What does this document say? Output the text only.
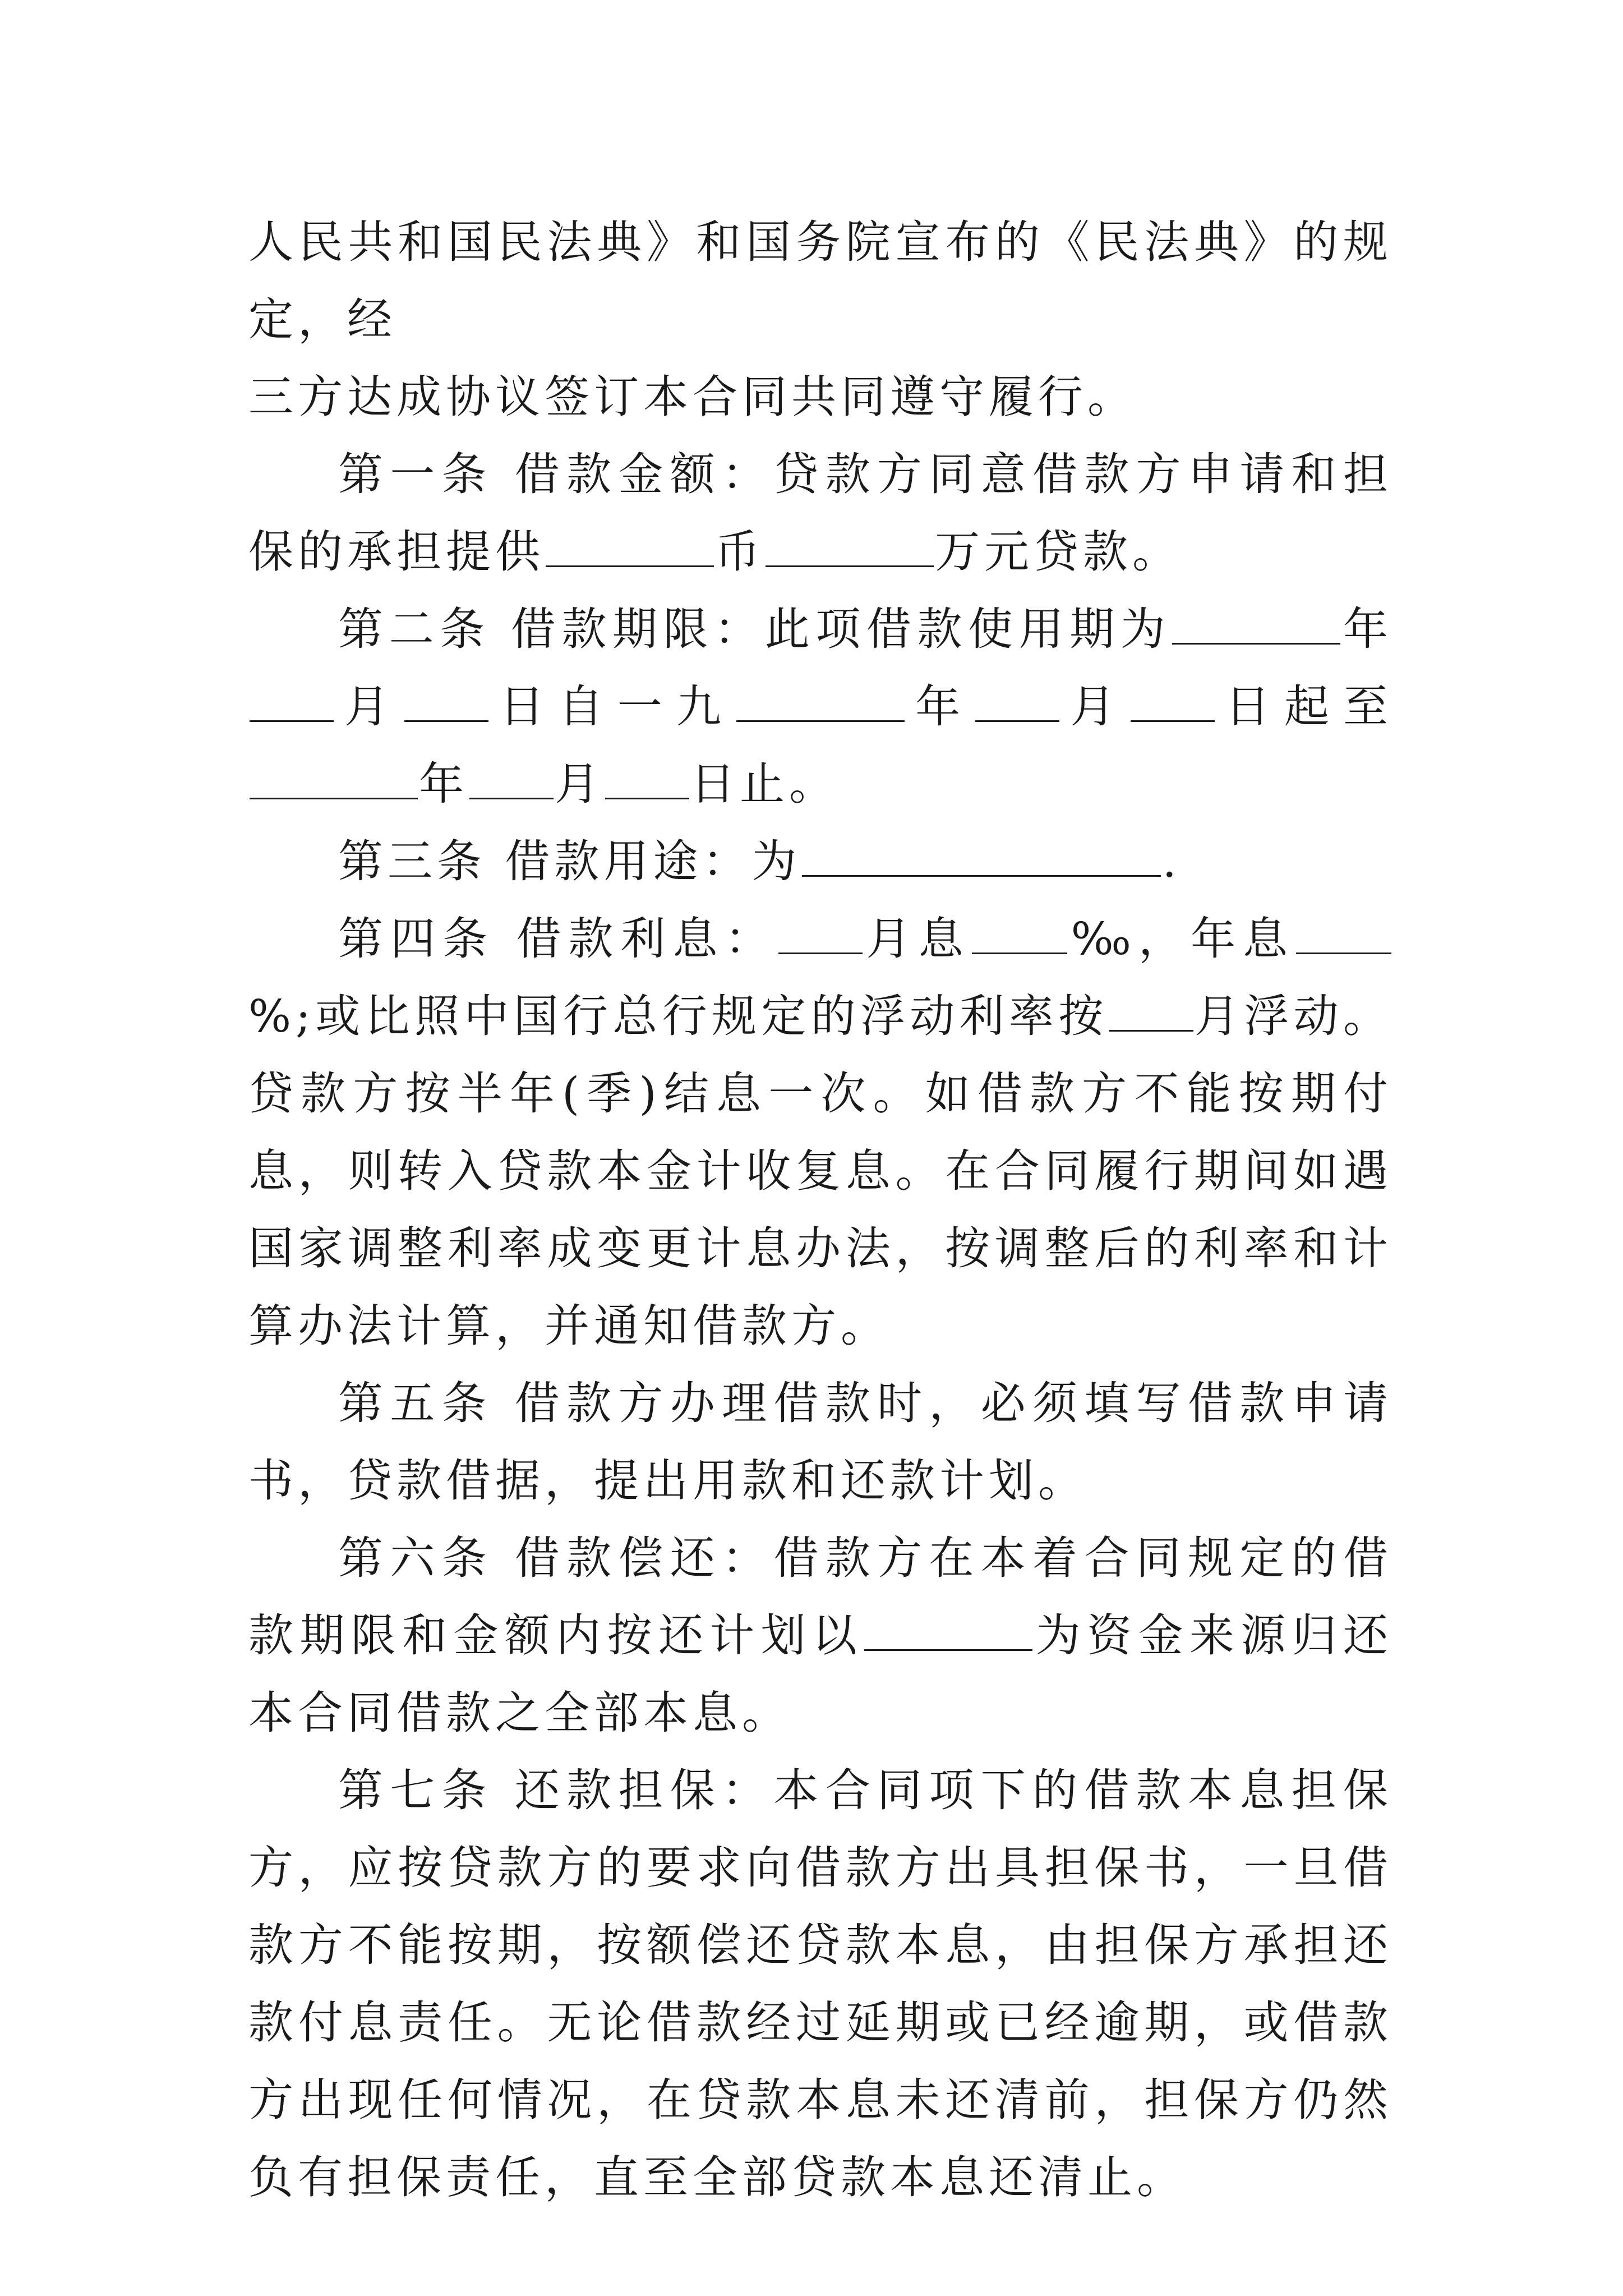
人民共和国民法典》和国务院宣布的《民法典》的规定，经
三方达成协议签订本合同共同遵守履行。

第一条 借款金额：贷款方同意借款方申请和担保的承担提供	币	万元贷款。

第二条 借款期限：此项借款使用期为	年月 日自一九	年 月 日起至年 月 日止。

第三条 借款用途：为	.

第四条 借款利息： 月息 ‰，年息%;或比照中国行总行规定的浮动利率按 月浮动。贷款方按半年(季)结息一次。如借款方不能按期付息，则转入贷款本金计收复息。在合同履行期间如遇国家调整利率成变更计息办法，按调整后的利率和计算办法计算，并通知借款方。

第五条 借款方办理借款时，必须填写借款申请书，贷款借据，提出用款和还款计划。

第六条 借款偿还：借款方在本着合同规定的借款期限和金额内按还计划以	为资金来源归还本合同借款之全部本息。

第七条 还款担保：本合同项下的借款本息担保方，应按贷款方的要求向借款方出具担保书，一旦借款方不能按期，按额偿还贷款本息，由担保方承担还款付息责任。无论借款经过延期或已经逾期，或借款方出现任何情况，在贷款本息未还清前，担保方仍然负有担保责任，直至全部贷款本息还清止。
